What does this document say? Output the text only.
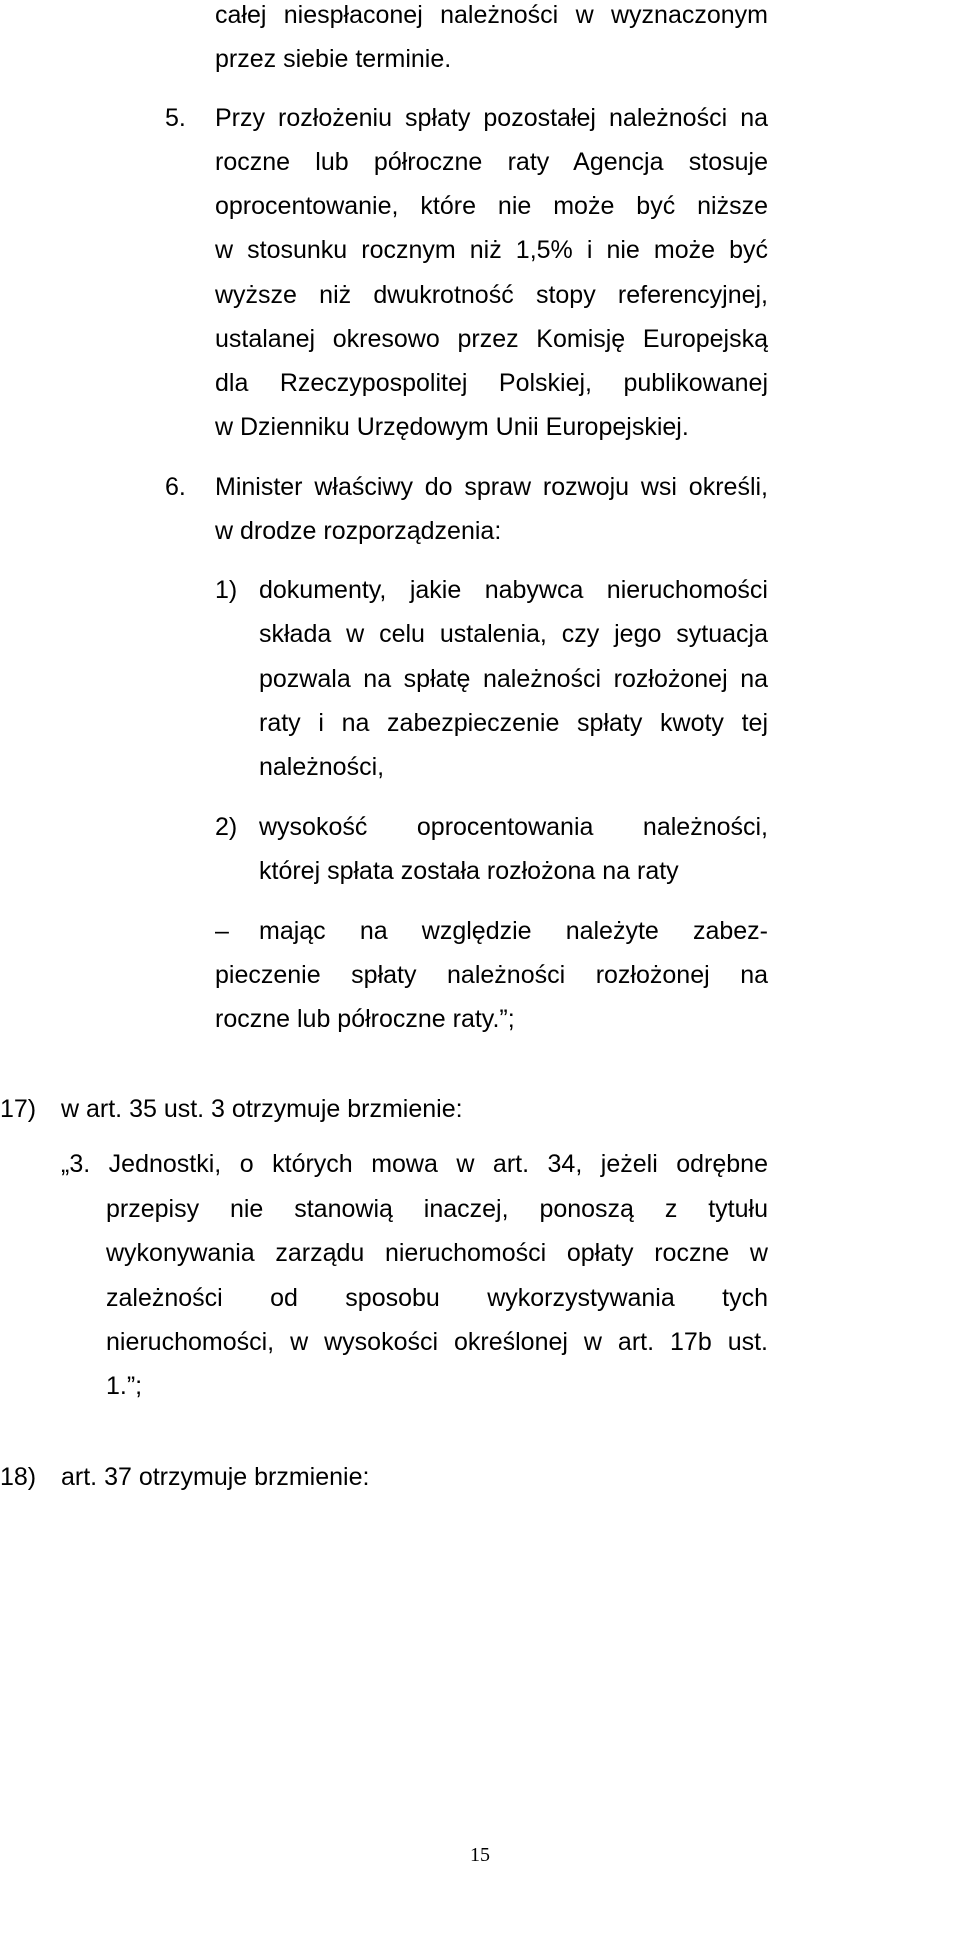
całej niespłaconej należności w wyznaczonym
przez siebie terminie.
5. Przy rozłożeniu spłaty pozostałej należności na
roczne lub półroczne raty Agencja stosuje
oprocentowanie, które nie może być niższe
w stosunku rocznym niż 1,5% i nie może być
wyższe niż dwukrotność stopy referencyjnej,
ustalanej okresowo przez Komisję Europejską
dla Rzeczypospolitej Polskiej, publikowanej
w Dzienniku Urzędowym Unii Europejskiej.
6. Minister właściwy do spraw rozwoju wsi określi,
w drodze rozporządzenia:
1) dokumenty, jakie nabywca nieruchomości
składa w celu ustalenia, czy jego sytuacja
pozwala na spłatę należności rozłożonej na
raty i na zabezpieczenie spłaty kwoty tej
należności,
2) wysokość oprocentowania należności,
której spłata została rozłożona na raty
– mając na względzie należyte zabez-
pieczenie spłaty należności rozłożonej na
roczne lub półroczne raty.”;
17) w art. 35 ust. 3 otrzymuje brzmienie:
„3. Jednostki, o których mowa w art. 34, jeżeli odrębne
przepisy nie stanowią inaczej, ponoszą z tytułu
wykonywania zarządu nieruchomości opłaty roczne w
zależności od sposobu wykorzystywania tych
nieruchomości, w wysokości określonej w art. 17b ust.
1.”;
18) art. 37 otrzymuje brzmienie:
15
